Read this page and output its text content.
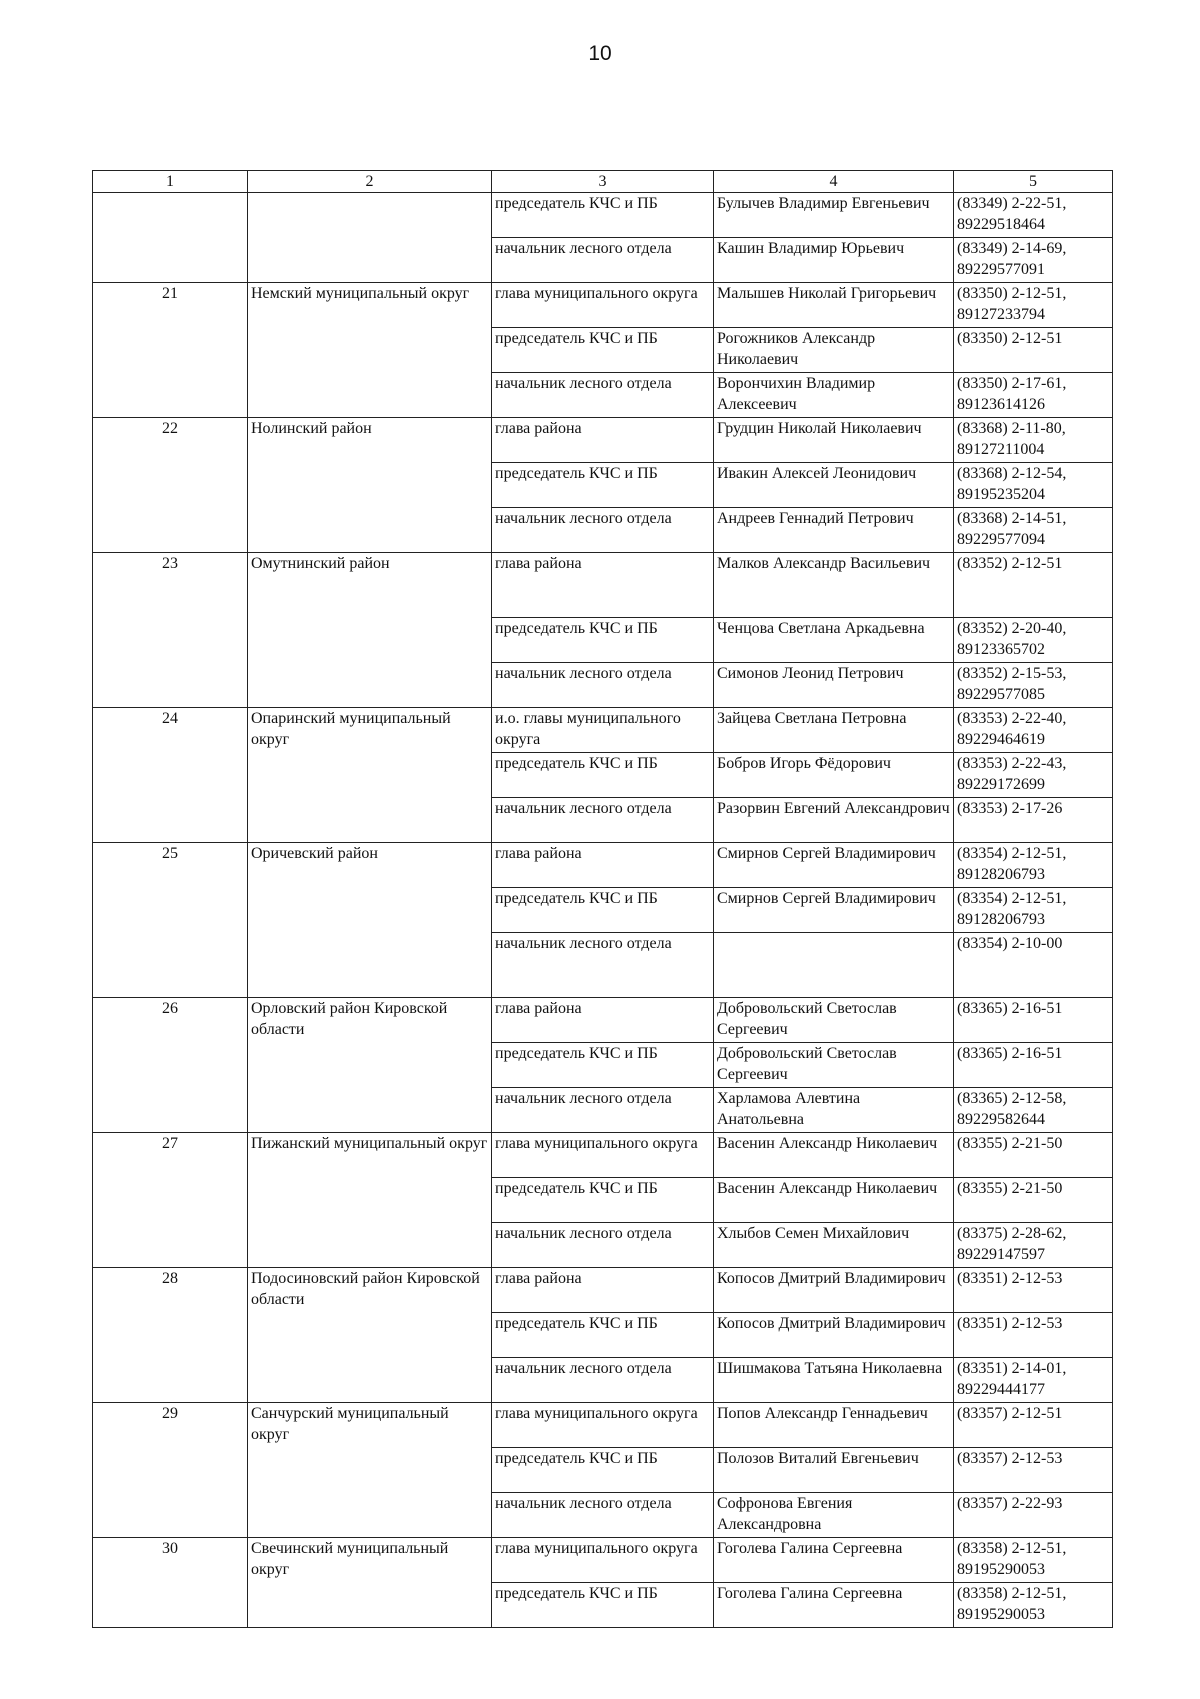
10
1	2	3	4	5
		председатель КЧС и ПБ	Булычев Владимир Евгеньевич	(83349) 2-22-51, 89229518464
		начальник лесного отдела	Кашин Владимир Юрьевич	(83349) 2-14-69, 89229577091
21	Немский муниципальный округ	глава муниципального округа	Малышев Николай Григорьевич	(83350) 2-12-51, 89127233794
		председатель КЧС и ПБ	Рогожников Александр Николаевич	(83350) 2-12-51
		начальник лесного отдела	Ворончихин Владимир Алексеевич	(83350) 2-17-61, 89123614126
22	Нолинский район	глава района	Грудцин Николай Николаевич	(83368) 2-11-80, 89127211004
		председатель КЧС и ПБ	Ивакин Алексей Леонидович	(83368) 2-12-54, 89195235204
		начальник лесного отдела	Андреев Геннадий Петрович	(83368) 2-14-51, 89229577094
23	Омутнинский район	глава района	Малков Александр Васильевич	(83352) 2-12-51
		председатель КЧС и ПБ	Ченцова Светлана Аркадьевна	(83352) 2-20-40, 89123365702
		начальник лесного отдела	Симонов Леонид Петрович	(83352) 2-15-53, 89229577085
24	Опаринский муниципальный округ	и.о. главы муниципального округа	Зайцева Светлана Петровна	(83353) 2-22-40, 89229464619
		председатель КЧС и ПБ	Бобров Игорь Фёдорович	(83353) 2-22-43, 89229172699
		начальник лесного отдела	Разорвин Евгений Александрович	(83353) 2-17-26
25	Оричевский район	глава района	Смирнов Сергей Владимирович	(83354) 2-12-51, 89128206793
		председатель КЧС и ПБ	Смирнов Сергей Владимирович	(83354) 2-12-51, 89128206793
		начальник лесного отдела		(83354) 2-10-00
26	Орловский район Кировской области	глава района	Добровольский Светослав Сергеевич	(83365) 2-16-51
		председатель КЧС и ПБ	Добровольский Светослав Сергеевич	(83365) 2-16-51
		начальник лесного отдела	Харламова Алевтина Анатольевна	(83365) 2-12-58, 89229582644
27	Пижанский муниципальный округ	глава муниципального округа	Васенин Александр Николаевич	(83355) 2-21-50
		председатель КЧС и ПБ	Васенин Александр Николаевич	(83355) 2-21-50
		начальник лесного отдела	Хлыбов Семен Михайлович	(83375) 2-28-62, 89229147597
28	Подосиновский район Кировской области	глава района	Копосов Дмитрий Владимирович	(83351) 2-12-53
		председатель КЧС и ПБ	Копосов Дмитрий Владимирович	(83351) 2-12-53
		начальник лесного отдела	Шишмакова Татьяна Николаевна	(83351) 2-14-01, 89229444177
29	Санчурский муниципальный округ	глава муниципального округа	Попов Александр Геннадьевич	(83357) 2-12-51
		председатель КЧС и ПБ	Полозов Виталий Евгеньевич	(83357) 2-12-53
		начальник лесного отдела	Софронова Евгения Александровна	(83357) 2-22-93
30	Свечинский муниципальный округ	глава муниципального округа	Гоголева Галина Сергеевна	(83358) 2-12-51, 89195290053
		председатель КЧС и ПБ	Гоголева Галина Сергеевна	(83358) 2-12-51, 89195290053
